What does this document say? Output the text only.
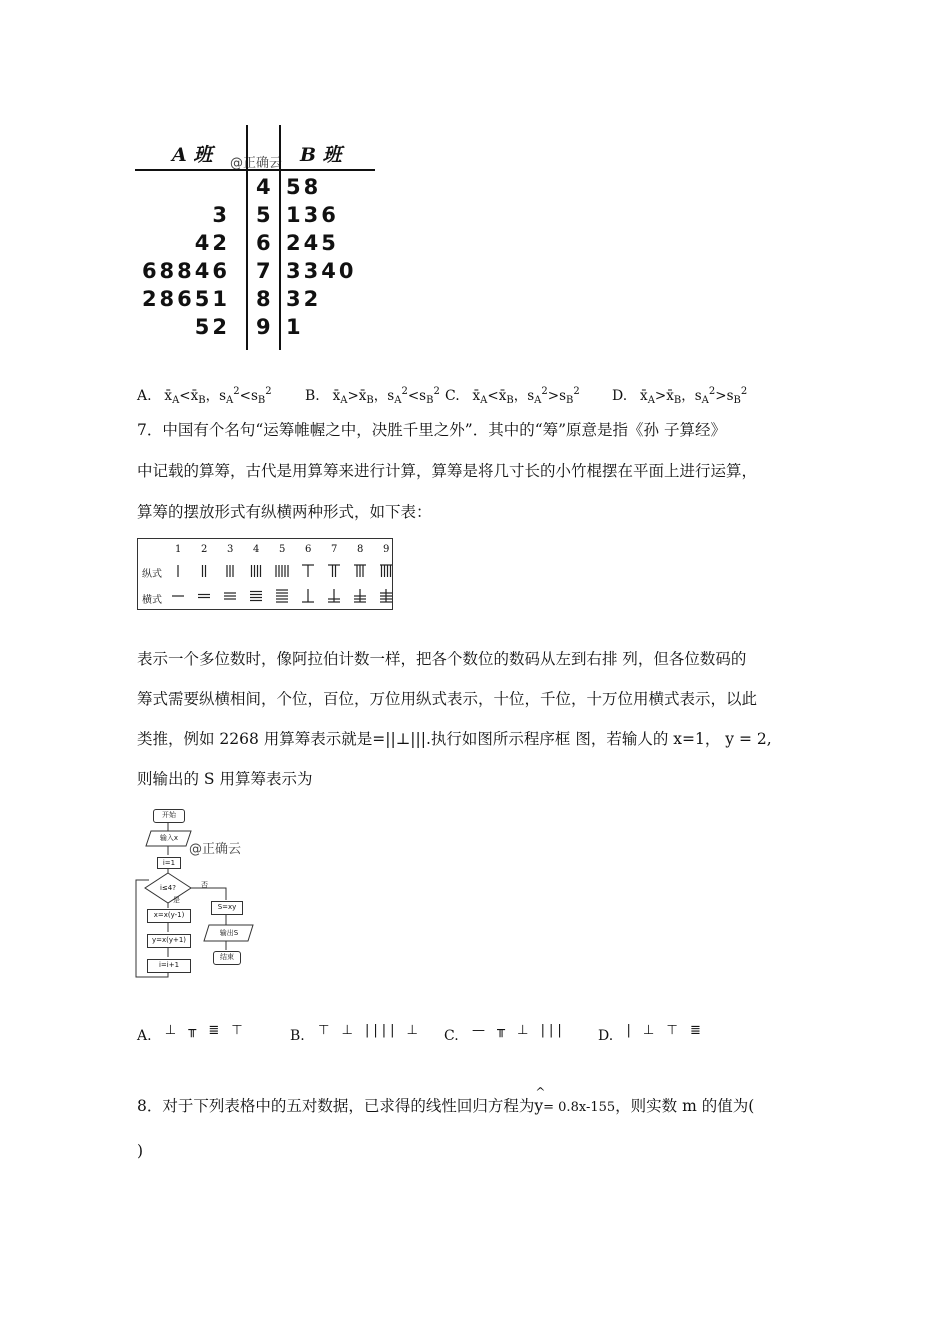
A 班	B 班
@正确云
4 58
3 5 136
42 6 245
68846 7 3340
28651 8 32
52 9 1
A.   $x̄_A<x̄_B$，$s_A^2<s_B^2$ B.   $x̄_A>x̄_B$，$s_A^2<s_B^2$ C.   $x̄_A<x̄_B$，$s_A^2>s_B^2$ D.   $x̄_A>x̄_B$，$s_A^2>s_B^2$
7．中国有个名句“运筹帷幄之中，决胜千里之外”．其中的“筹”原意是指《孙 子算经》
中记载的算筹，古代是用算筹来进行计算，算筹是将几寸长的小竹棍摆在平面上进行运算，
算筹的摆放形式有纵横两种形式，如下表：
纵式
横式
1 2 3 4 5 6 7 8 9
表示一个多位数时，像阿拉伯计数一样，把各个数位的数码从左到右排 列，但各位数码的
筹式需要纵横相间，个位，百位，万位用纵式表示，十位，千位，十万位用横式表示，以此
类推，例如 2268 用算筹表示就是=||⊥|||.执行如图所示程序框 图，若输人的 x=1， y = 2,
则输出的 S 用算筹表示为
开始
输入x
@正确云
i=1
i≤4?
是
否
x=x(y-1)
y=x(y+1)
i=i+1
S=xy
输出S
结束
A. ⊥ ╥ ≣ ⊤	B. ⊤ ⊥ |||| ⊥ C. — ╥ ⊥ ||| D. | ⊥ ⊤ ≣
8．对于下列表格中的五对数据，已求得的线性回归方程为
^
y= 0.8x-155，则实数 m 的值为(
)
